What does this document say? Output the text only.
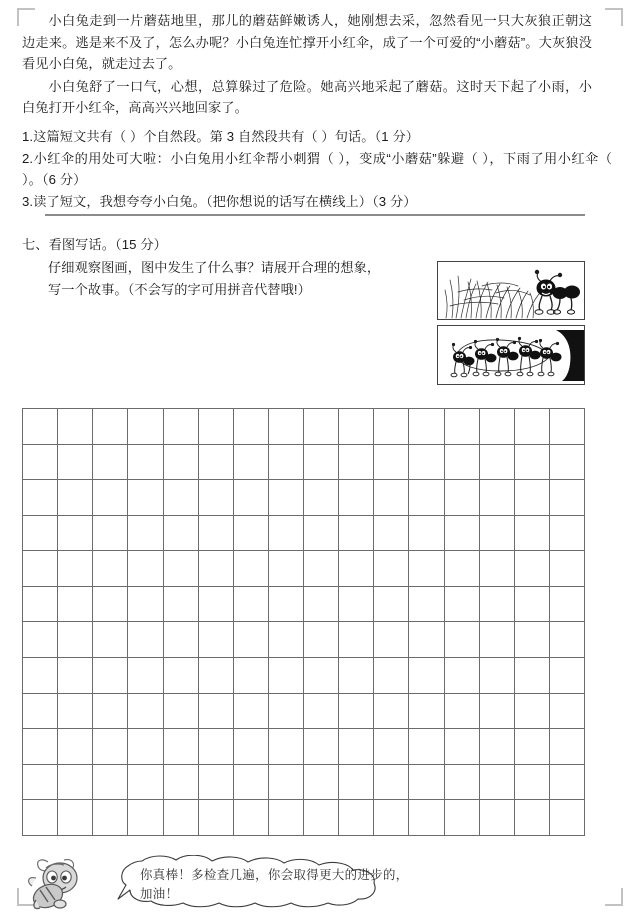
小白兔走到一片蘑菇地里，那儿的蘑菇鲜嫩诱人，她刚想去采，忽然看见一只大灰狼正朝这边走来。逃是来不及了，怎么办呢？小白兔连忙撑开小红伞，成了一个可爱的“小蘑菇”。大灰狼没看见小白兔，就走过去了。

小白兔舒了一口气，心想，总算躲过了危险。她高兴地采起了蘑菇。这时天下起了小雨，小白兔打开小红伞，高高兴兴地回家了。

1.这篇短文共有（ ）个自然段。第 3 自然段共有（ ）句话。（1 分）

2.小红伞的用处可大啦：小白兔用小红伞帮小刺猬（ ），变成“小蘑菇”躲避（ ），下雨了用小红伞（ ）。（6 分）

3.读了短文，我想夸夸小白兔。（把你想说的话写在横线上）（3 分）

七、看图写话。（15 分）

仔细观察图画，图中发生了什么事？请展开合理的想象，
写一个故事。（不会写的字可用拼音代替哦!）

你真棒！多检查几遍，你会取得更大的进步的，
加油！
